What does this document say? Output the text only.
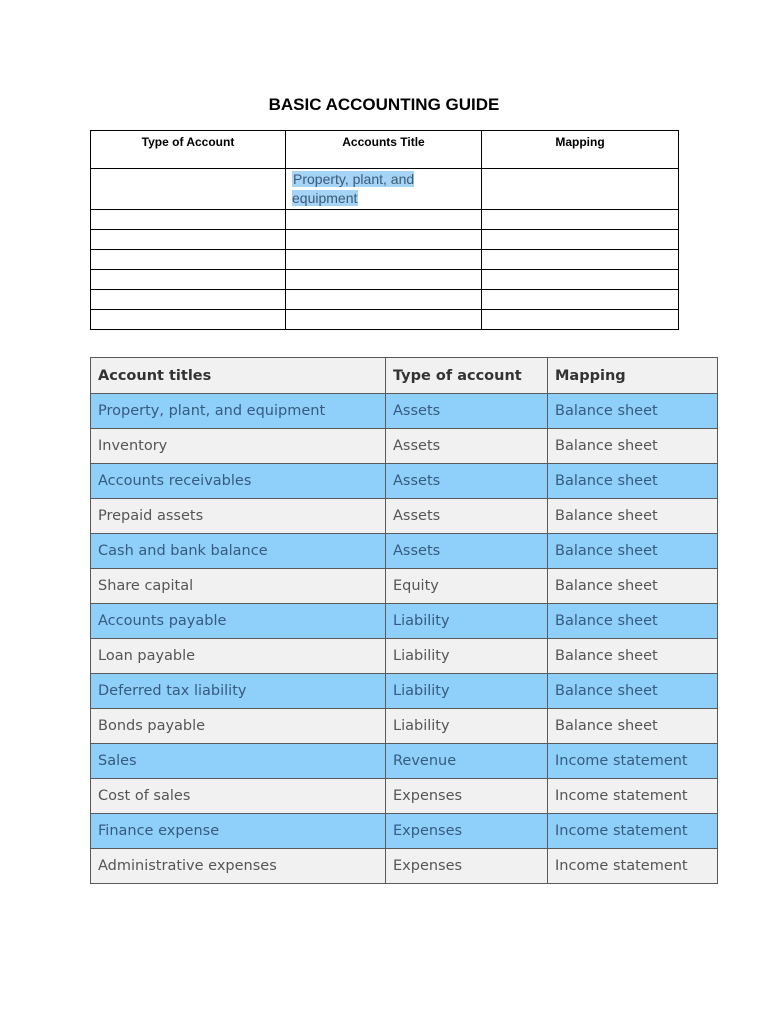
BASIC ACCOUNTING GUIDE
Type of Account	Accounts Title	Mapping
	Property, plant, and equipment	

Account titles	Type of account	Mapping
Property, plant, and equipment	Assets	Balance sheet
Inventory	Assets	Balance sheet
Accounts receivables	Assets	Balance sheet
Prepaid assets	Assets	Balance sheet
Cash and bank balance	Assets	Balance sheet
Share capital	Equity	Balance sheet
Accounts payable	Liability	Balance sheet
Loan payable	Liability	Balance sheet
Deferred tax liability	Liability	Balance sheet
Bonds payable	Liability	Balance sheet
Sales	Revenue	Income statement
Cost of sales	Expenses	Income statement
Finance expense	Expenses	Income statement
Administrative expenses	Expenses	Income statement
